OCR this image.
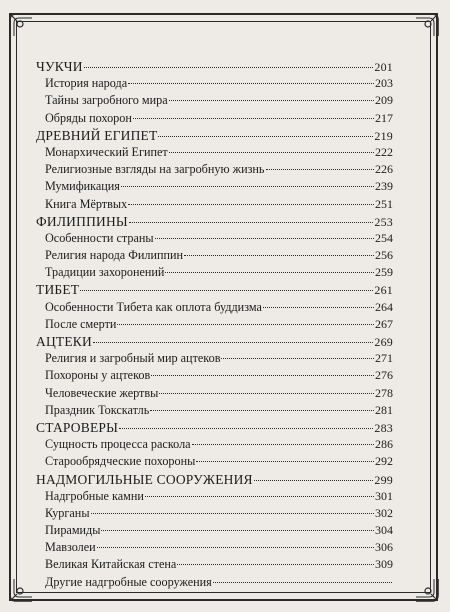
ЧУКЧИ	201
История народа	203
Тайны загробного мира	209
Обряды похорон	217
ДРЕВНИЙ ЕГИПЕТ	219
Монархический Египет	222
Религиозные взгляды на загробную жизнь	226
Мумификация	239
Книга Мёртвых	251
ФИЛИППИНЫ	253
Особенности страны	254
Религия народа Филиппин	256
Традиции захоронений	259
ТИБЕТ	261
Особенности Тибета как оплота буддизма	264
После смерти	267
АЦТЕКИ	269
Религия и загробный мир ацтеков	271
Похороны у ацтеков	276
Человеческие жертвы	278
Праздник Токскатль	281
СТАРОВЕРЫ	283
Сущность процесса раскола	286
Старообрядческие похороны	292
НАДМОГИЛЬНЫЕ СООРУЖЕНИЯ	299
Надгробные камни	301
Курганы	302
Пирамиды	304
Мавзолеи	306
Великая Китайская стена	309
Другие надгробные сооружения
